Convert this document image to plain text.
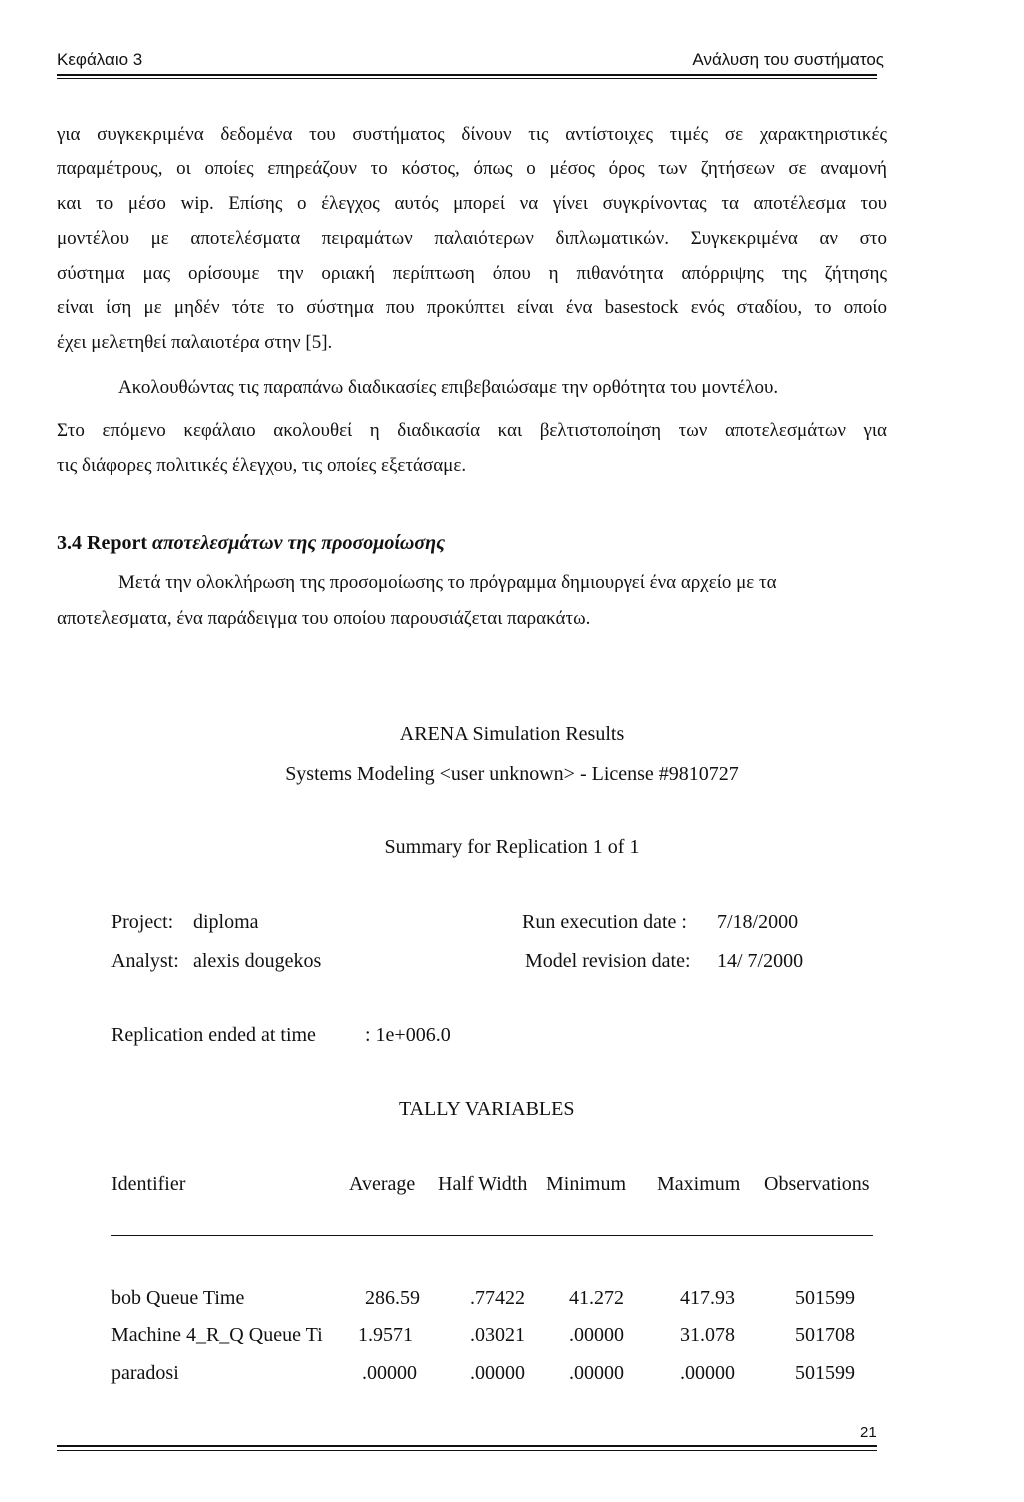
Κεφάλαιο 3	Ανάλυση του συστήματος
για συγκεκριμένα δεδομένα του συστήματος δίνουν τις αντίστοιχες τιμές σε χαρακτηριστικές
παραμέτρους, οι οποίες επηρεάζουν το κόστος, όπως ο μέσος όρος των ζητήσεων σε αναμονή
και το μέσο wip. Επίσης ο έλεγχος αυτός μπορεί να γίνει συγκρίνοντας τα αποτέλεσμα του
μοντέλου με αποτελέσματα πειραμάτων παλαιότερων διπλωματικών. Συγκεκριμένα αν στο
σύστημα μας ορίσουμε την οριακή περίπτωση όπου η πιθανότητα απόρριψης της ζήτησης
είναι ίση με μηδέν τότε το σύστημα που προκύπτει είναι ένα basestock ενός σταδίου, το οποίο
έχει μελετηθεί παλαιοτέρα στην [5].
Ακολουθώντας τις παραπάνω διαδικασίες επιβεβαιώσαμε την ορθότητα του μοντέλου.
Στο επόμενο κεφάλαιο ακολουθεί η διαδικασία και βελτιστοποίηση των αποτελεσμάτων για
τις διάφορες πολιτικές έλεγχου, τις οποίες εξετάσαμε.
3.4 Report αποτελεσμάτων της προσομοίωσης
Μετά την ολοκλήρωση της προσομοίωσης το πρόγραμμα δημιουργεί ένα αρχείο με τα
αποτελεσματα, ένα παράδειγμα του οποίου παρουσιάζεται παρακάτω.
ARENA Simulation Results
Systems Modeling <user unknown> - License #9810727
Summary for Replication 1 of 1
Project: diploma	Run execution date : 7/18/2000
Analyst: alexis dougekos	Model revision date: 14/ 7/2000
Replication ended at time : 1e+006.0
TALLY VARIABLES
Identifier	Average Half Width Minimum Maximum Observations
bob Queue Time	286.59	.77422 41.272	417.93	501599
Machine 4_R_Q Queue Ti 1.9571	.03021 .00000	31.078	501708
paradosi	.00000	.00000 .00000	.00000	501599
21
